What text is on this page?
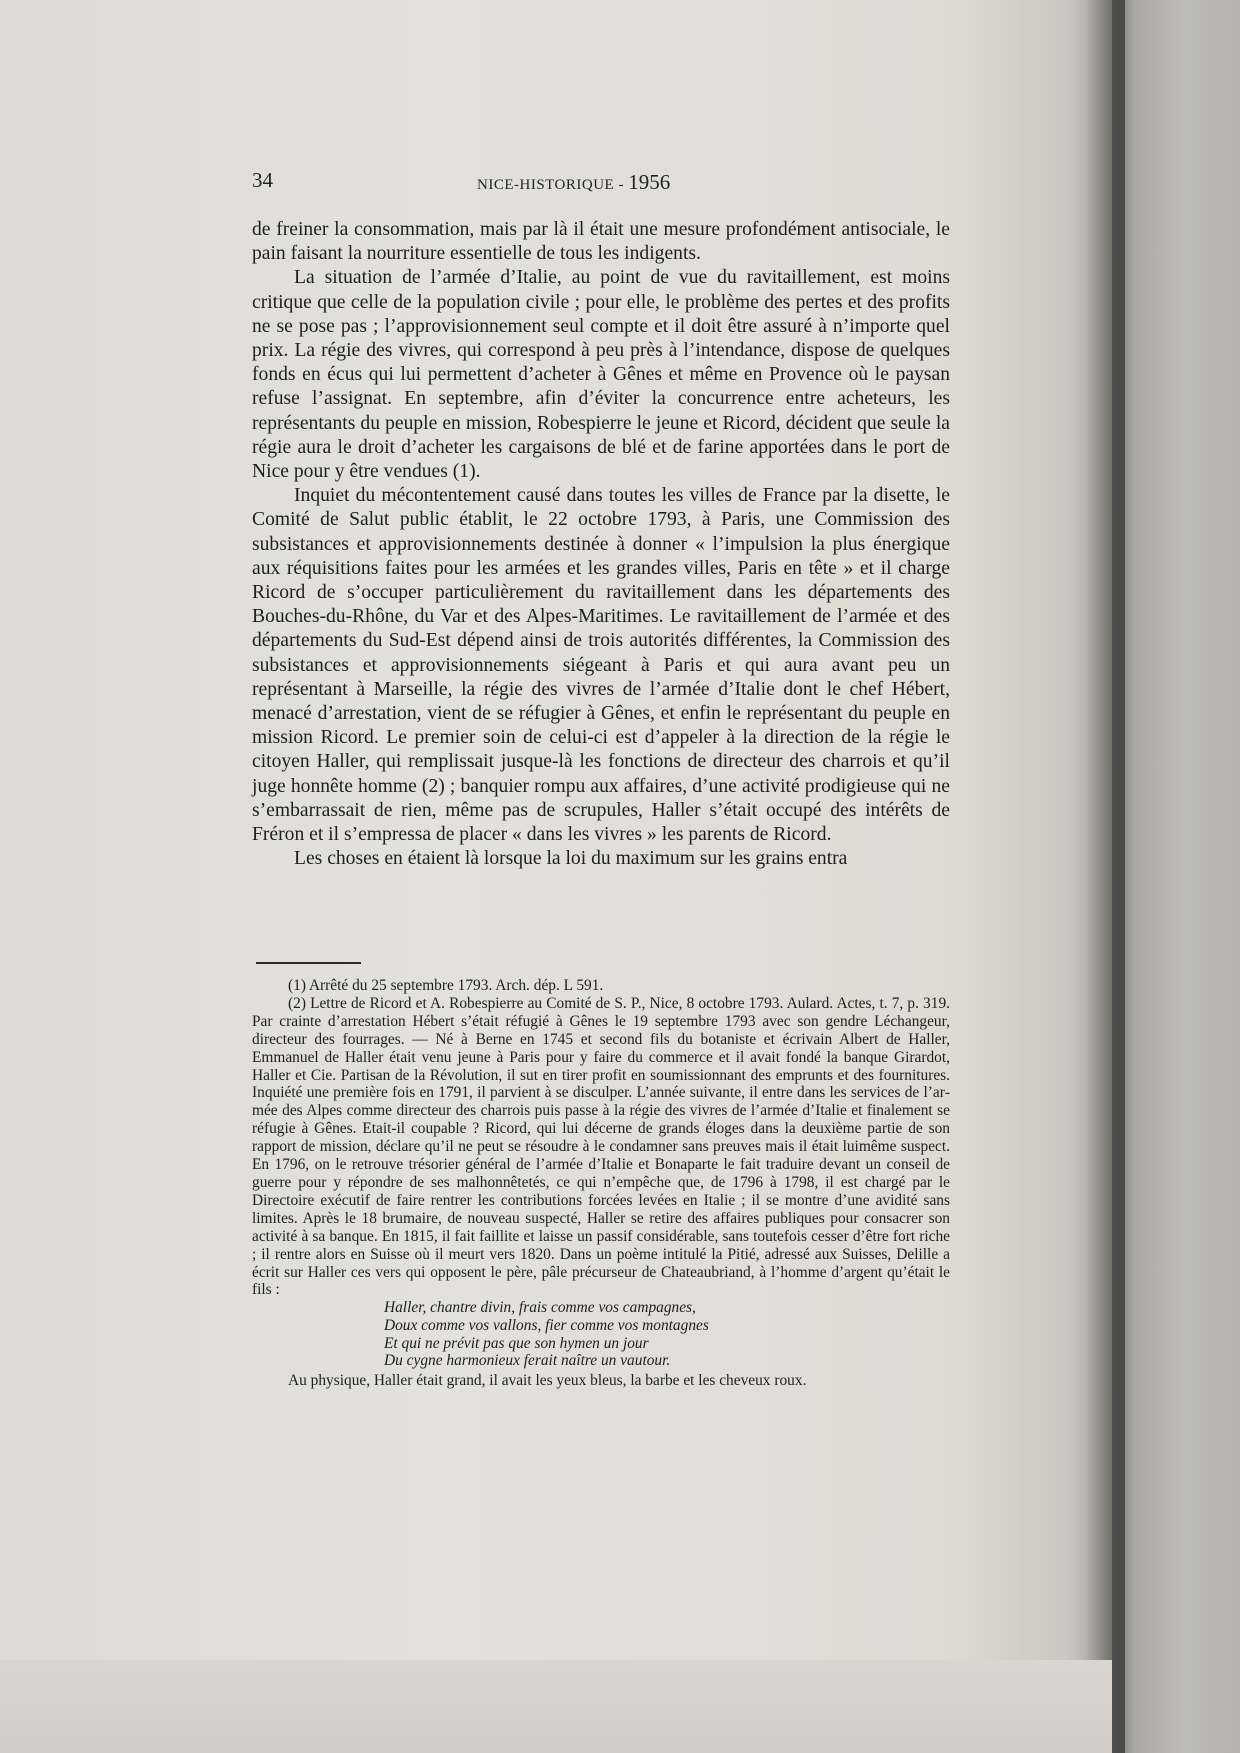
34	NICE-HISTORIQUE - 1956

de freiner la consommation, mais par là il était une mesure profondément antisociale, le pain faisant la nourriture essentielle de tous les indigents.

La situation de l’armée d’Italie, au point de vue du ravitaillement, est moins critique que celle de la population civile ; pour elle, le problème des pertes et des profits ne se pose pas ; l’approvisionnement seul compte et il doit être assuré à n’importe quel prix. La régie des vivres, qui correspond à peu près à l’intendance, dispose de quelques fonds en écus qui lui permettent d’acheter à Gênes et même en Provence où le paysan refuse l’assignat. En septembre, afin d’éviter la concurrence entre acheteurs, les représentants du peuple en mission, Robespierre le jeune et Ricord, décident que seule la régie aura le droit d’acheter les cargaisons de blé et de farine apportées dans le port de Nice pour y être vendues (1).

Inquiet du mécontentement causé dans toutes les villes de France par la disette, le Comité de Salut public établit, le 22 octobre 1793, à Paris, une Commission des subsistances et approvisionnements destinée à donner « l’impulsion la plus énergique aux réquisitions faites pour les armées et les grandes villes, Paris en tête » et il charge Ricord de s’occuper particulièrement du ravitaillement dans les départements des Bouches-du-Rhône, du Var et des Alpes-Maritimes. Le ravitaillement de l’armée et des départements du Sud-Est dépend ainsi de trois autorités différentes, la Commission des subsistances et approvisionnements siégeant à Paris et qui aura avant peu un représentant à Marseille, la régie des vivres de l’armée d’Italie dont le chef Hébert, menacé d’arrestation, vient de se réfugier à Gênes, et enfin le représentant du peuple en mission Ricord. Le premier soin de celui-ci est d’appeler à la direction de la régie le citoyen Haller, qui remplissait jusque-là les fonctions de directeur des charrois et qu’il juge honnête homme (2) ; banquier rompu aux affaires, d’une activité prodigieuse qui ne s’embarrassait de rien, même pas de scrupules, Haller s’était occupé des intérêts de Fréron et il s’empressa de placer « dans les vivres » les parents de Ricord.

Les choses en étaient là lorsque la loi du maximum sur les grains entra

(1) Arrêté du 25 septembre 1793. Arch. dép. L 591.

(2) Lettre de Ricord et A. Robespierre au Comité de S. P., Nice, 8 octobre 1793. Aulard. Actes, t. 7, p. 319. Par crainte d’arrestation Hébert s’était réfugié à Gênes le 19 septembre 1793 avec son gendre Léchangeur, directeur des fourrages. — Né à Berne en 1745 et second fils du botaniste et écrivain Albert de Haller, Emmanuel de Haller était venu jeune à Paris pour y faire du commerce et il avait fondé la banque Girardot, Haller et Cie. Partisan de la Révolution, il sut en tirer profit en soumissionnant des emprunts et des fournitures. Inquiété une première fois en 1791, il parvient à se disculper. L’année suivante, il entre dans les services de l’armée des Alpes comme directeur des charrois puis passe à la régie des vivres de l’armée d’Italie et finalement se réfugie à Gênes. Etait-il coupable ? Ricord, qui lui décerne de grands éloges dans la deuxième partie de son rapport de mission, déclare qu’il ne peut se résoudre à le condamner sans preuves mais il était luimême suspect. En 1796, on le retrouve trésorier général de l’armée d’Italie et Bonaparte le fait traduire devant un conseil de guerre pour y répondre de ses malhonnêtetés, ce qui n’empêche que, de 1796 à 1798, il est chargé par le Directoire exécutif de faire rentrer les contributions forcées levées en Italie ; il se montre d’une avidité sans limites. Après le 18 brumaire, de nouveau suspecté, Haller se retire des affaires publiques pour consacrer son activité à sa banque. En 1815, il fait faillite et laisse un passif considérable, sans toutefois cesser d’être fort riche ; il rentre alors en Suisse où il meurt vers 1820. Dans un poème intitulé la Pitié, adressé aux Suisses, Delille a écrit sur Haller ces vers qui opposent le père, pâle précurseur de Chateaubriand, à l’homme d’argent qu’était le fils :

Haller, chantre divin, frais comme vos campagnes,
Doux comme vos vallons, fier comme vos montagnes
Et qui ne prévit pas que son hymen un jour
Du cygne harmonieux ferait naître un vautour.

Au physique, Haller était grand, il avait les yeux bleus, la barbe et les cheveux roux.
